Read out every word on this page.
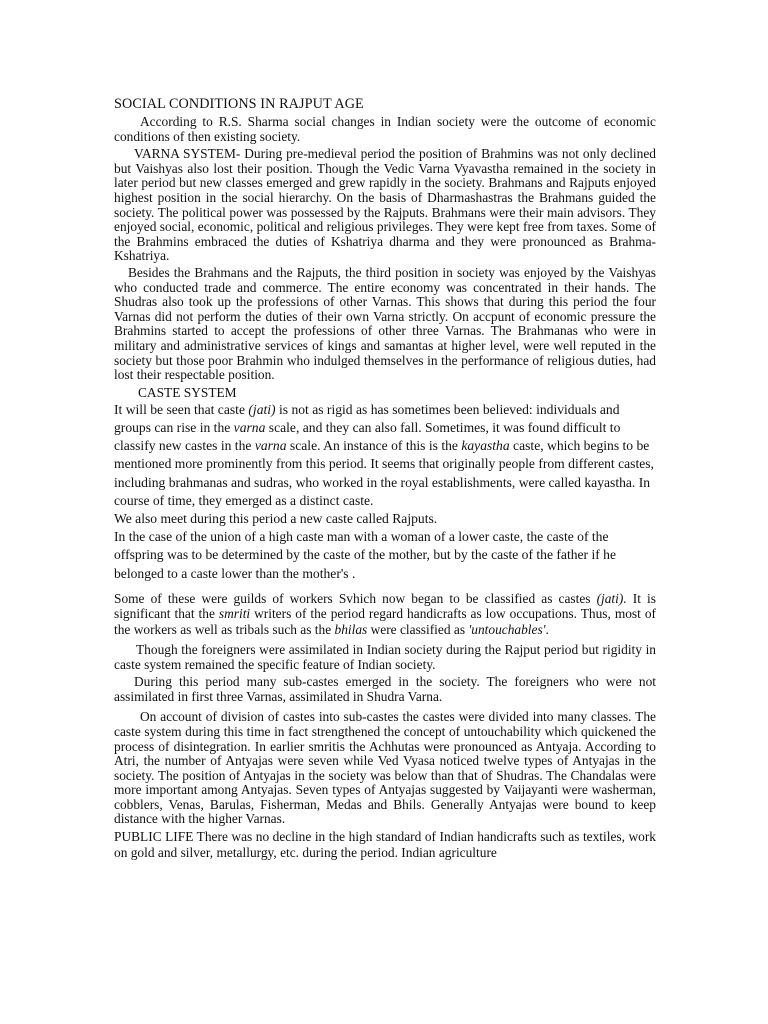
SOCIAL CONDITIONS IN RAJPUT AGE

According to R.S. Sharma social changes in Indian society were the outcome of economic conditions of then existing society.

VARNA SYSTEM- During pre-medieval period the position of Brahmins was not only declined but Vaishyas also lost their position. Though the Vedic Varna Vyavastha remained in the society in later period but new classes emerged and grew rapidly in the society. Brahmans and Rajputs enjoyed highest position in the social hierarchy. On the basis of Dharmashastras the Brahmans guided the society. The political power was possessed by the Rajputs. Brahmans were their main advisors. They enjoyed social, economic, political and religious privileges. They were kept free from taxes. Some of the Brahmins embraced the duties of Kshatriya dharma and they were pronounced as Brahma-Kshatriya.

Besides the Brahmans and the Rajputs, the third position in society was enjoyed by the Vaishyas who conducted trade and commerce. The entire economy was concentrated in their hands. The Shudras also took up the professions of other Varnas. This shows that during this period the four Varnas did not perform the duties of their own Varna strictly. On accpunt of economic pressure the Brahmins started to accept the professions of other three Varnas. The Brahmanas who were in military and administrative services of kings and samantas at higher level, were well reputed in the society but those poor Brahmin who indulged themselves in the performance of religious duties, had lost their respectable position.

CASTE SYSTEM

It will be seen that caste (jati) is not as rigid as has sometimes been believed: individuals and groups can rise in the varna scale, and they can also fall. Sometimes, it was found difficult to classify new castes in the varna scale. An instance of this is the kayastha caste, which begins to be mentioned more prominently from this period. It seems that originally people from different castes, including brahmanas and sudras, who worked in the royal establishments, were called kayastha. In course of time, they emerged as a distinct caste.

We also meet during this period a new caste called Rajputs.

In the case of the union of a high caste man with a woman of a lower caste, the caste of the offspring was to be determined by the caste of the mother, but by the caste of the father if he belonged to a caste lower than the mother's .

Some of these were guilds of workers Svhich now began to be classified as castes (jati). It is significant that the smriti writers of the period regard handicrafts as low occupations. Thus, most of the workers as well as tribals such as the bhilas were classified as 'untouchables'.

Though the foreigners were assimilated in Indian society during the Rajput period but rigidity in caste system remained the specific feature of Indian society.

During this period many sub-castes emerged in the society. The foreigners who were not assimilated in first three Varnas, assimilated in Shudra Varna.

On account of division of castes into sub-castes the castes were divided into many classes. The caste system during this time in fact strengthened the concept of untouchability which quickened the process of disintegration. In earlier smritis the Achhutas were pronounced as Antyaja. According to Atri, the number of Antyajas were seven while Ved Vyasa noticed twelve types of Antyajas in the society. The position of Antyajas in the society was below than that of Shudras. The Chandalas were more important among Antyajas. Seven types of Antyajas suggested by Vaijayanti were washerman, cobblers, Venas, Barulas, Fisherman, Medas and Bhils. Generally Antyajas were bound to keep distance with the higher Varnas.

PUBLIC LIFE There was no decline in the high standard of Indian handicrafts such as textiles, work on gold and silver, metallurgy, etc. during the period. Indian agriculture
